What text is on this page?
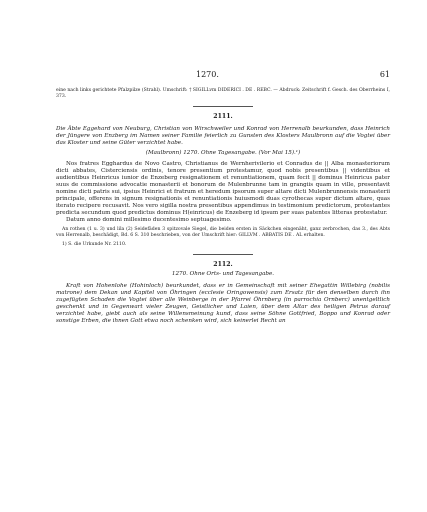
1270.	61
eine nach links gerichtete Pfalzpilze (Strahl). Umschrift: † SIGILLvm DIDERICI . DE . REBC. — Abdruck: Zeitschrift f. Gesch. des Oberrheins I, 373.
2111.
Die Äbte Eggehard von Neuburg, Christian von Wirschweiler und Konrad von Herrenalb beurkunden, dass Heinrich der Jüngere von Enzberg im Namen seiner Familie feierlich zu Gunsten des Klosters Maulbronn auf die Vogtei über das Kloster und seine Güter verzichtet habe.
(Maulbronn) 1270. Ohne Tagesangabe. (Vor Mai 15).¹)

Nos fratres Egghardus de Novo Castro, Christianus de Wernherivilerio et Conradus de || Alba monasteriorum dicti abbates, Cisterciensis ordinis, tenore presentium protestamur, quod nobis presentibus || videntibus et audientibus Heinricus iunior de Enzeberg resignationem et renuntiationem, quam fecit || dominus Heinricus pater suus de commissione advocatie monasterii et bonorum de Mulenbrunne tam in grangiis quam in ville, presentavit nomine dicti patris sui, ipsius Heinrici et fratrum et heredum ipsorum super altare dicti Mulenbrunnensis monasterii principale, offerens in signum resignationis et renuntiationis huiusmodi duas cyrothecas super dictum altare, quas iterato recipere recusavit. Nos vero sigilla nostra presentibus appendimus in testimonium predictorum, protestantes predicta secundum quod predictus dominus H(einricus) de Enzeberg id ipsum per suas patentes litteras protestatur.

Datum anno domini millesimo ducentesimo septuagesimo.

An rothen (1 u. 3) und lila (2) Seidefäden 3 spitzovale Siegel, die beiden ersten in Säckchen eingenäht, ganz zerbrochen, das 3., des Abts von Herrenalb, beschädigt, Bd. 6 S. 310 beschrieben, von der Umschrift hier: GILLVM . ABBATIS DE . AL erhalten.
1) S. die Urkunde Nr. 2110.
2112.
1270. Ohne Orts- und Tagesangabe.
Kraft von Hohenlohe (Hohinloch) beurkundet, dass er in Gemeinschaft mit seiner Ehegattin Willebirg (nobilis matrone) dem Dekan und Kapitel von Öhringen (ecclesie Oringowensis) zum Ersatz für den denselben durch ihn zugefügten Schaden die Vogtei über alle Weinberge in der Pfarrei Öhrnberg (in parrochia Ornberc) unentgeltlich geschenkt und in Gegenwart vieler Zeugen, Geistlicher und Laien, über dem Altar des heiligen Petrus darauf verzichtet habe, giebt auch als seine Willensmeinung kund, dass seine Söhne Gottfried, Boppo und Konrad oder sonstige Erben, die ihnen Gott etwa noch schenken wird, sich keinerlei Recht an
